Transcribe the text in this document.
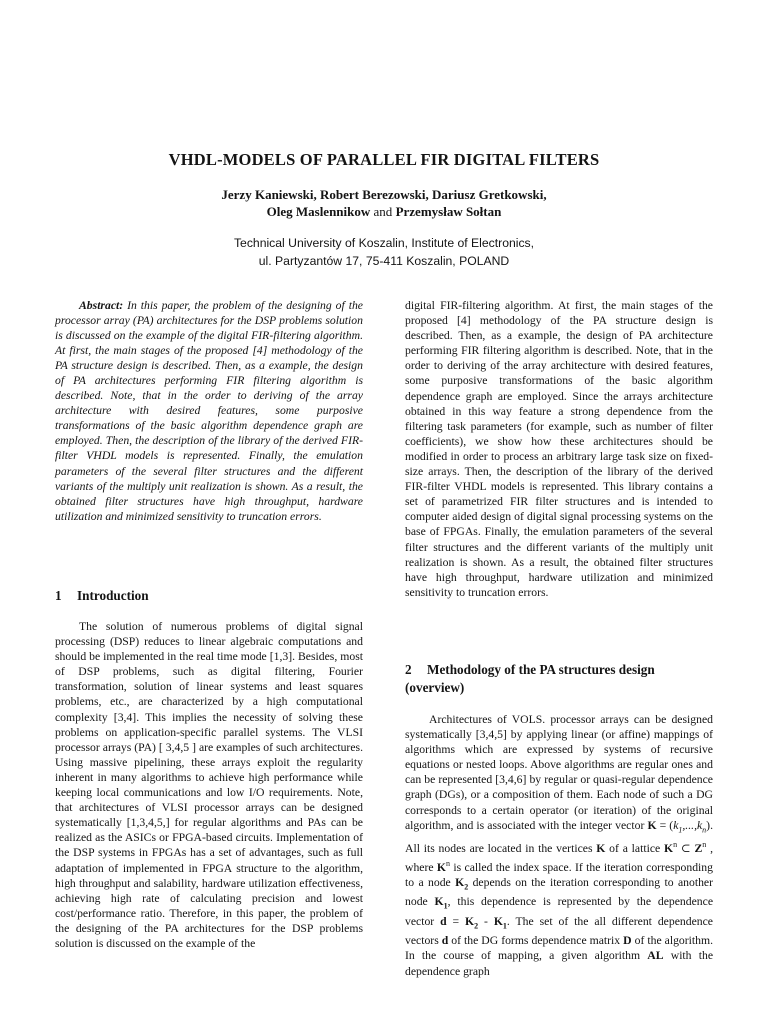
VHDL-MODELS OF PARALLEL FIR DIGITAL FILTERS
Jerzy Kaniewski, Robert Berezowski, Dariusz Gretkowski,
Oleg Maslennikow and Przemysław Sołtan
Technical University of Koszalin, Institute of Electronics,
ul. Partyzantów 17, 75-411 Koszalin, POLAND

Abstract: In this paper, the problem of the designing of the processor array (PA) architectures for the DSP problems solution is discussed on the example of the digital FIR-filtering algorithm. At first, the main stages of the proposed [4] methodology of the PA structure design is described. Then, as a example, the design of PA architectures performing FIR filtering algorithm is described. Note, that in the order to deriving of the array architecture with desired features, some purposive transformations of the basic algorithm dependence graph are employed. Then, the description of the library of the derived FIR-filter VHDL models is represented. Finally, the emulation parameters of the several filter structures and the different variants of the multiply unit realization is shown. As a result, the obtained filter structures have high throughput, hardware utilization and minimized sensitivity to truncation errors.

1 Introduction

The solution of numerous problems of digital signal processing (DSP) reduces to linear algebraic computations and should be implemented in the real time mode [1,3]. Besides, most of DSP problems, such as digital filtering, Fourier transformation, solution of linear systems and least squares problems, etc., are characterized by a high computational complexity [3,4]. This implies the necessity of solving these problems on application-specific parallel systems. The VLSI processor arrays (PA) [ 3,4,5 ] are examples of such architectures. Using massive pipelining, these arrays exploit the regularity inherent in many algorithms to achieve high performance while keeping local communications and low I/O requirements. Note, that architectures of VLSI processor arrays can be designed systematically [1,3,4,5,] for regular algorithms and PAs can be realized as the ASICs or FPGA-based circuits. Implementation of the DSP systems in FPGAs has a set of advantages, such as full adaptation of implemented in FPGA structure to the algorithm, high throughput and salability, hardware utilization effectiveness, achieving high rate of calculating precision and lowest cost/performance ratio. Therefore, in this paper, the problem of the designing of the PA architectures for the DSP problems solution is discussed on the example of the

digital FIR-filtering algorithm. At first, the main stages of the proposed [4] methodology of the PA structure design is described. Then, as a example, the design of PA architecture performing FIR filtering algorithm is described. Note, that in the order to deriving of the array architecture with desired features, some purposive transformations of the basic algorithm dependence graph are employed. Since the arrays architecture obtained in this way feature a strong dependence from the filtering task parameters (for example, such as number of filter coefficients), we show how these architectures should be modified in order to process an arbitrary large task size on fixed-size arrays. Then, the description of the library of the derived FIR-filter VHDL models is represented. This library contains a set of parametrized FIR filter structures and is intended to computer aided design of digital signal processing systems on the base of FPGAs. Finally, the emulation parameters of the several filter structures and the different variants of the multiply unit realization is shown. As a result, the obtained filter structures have high throughput, hardware utilization and minimized sensitivity to truncation errors.

2 Methodology of the PA structures design
(overview)

Architectures of VOLS. processor arrays can be designed systematically [3,4,5] by applying linear (or affine) mappings of algorithms which are expressed by systems of recursive equations or nested loops. Above algorithms are regular ones and can be represented [3,4,6] by regular or quasi-regular dependence graph (DGs), or a composition of them. Each node of such a DG corresponds to a certain operator (or iteration) of the original algorithm, and is associated with the integer vector $K = (k_1,...,k_n)$. All its nodes are located in the vertices K of a lattice $K^n$ ⊂ $Z^n$ , where $K^n$ is called the index space. If the iteration corresponding to a node $K_2$ depends on the iteration corresponding to another node $K_1$, this dependence is represented by the dependence vector $d = K_2 - K_1$. The set of the all different dependence vectors d of the DG forms dependence matrix D of the algorithm. In the course of mapping, a given algorithm AL with the dependence graph
